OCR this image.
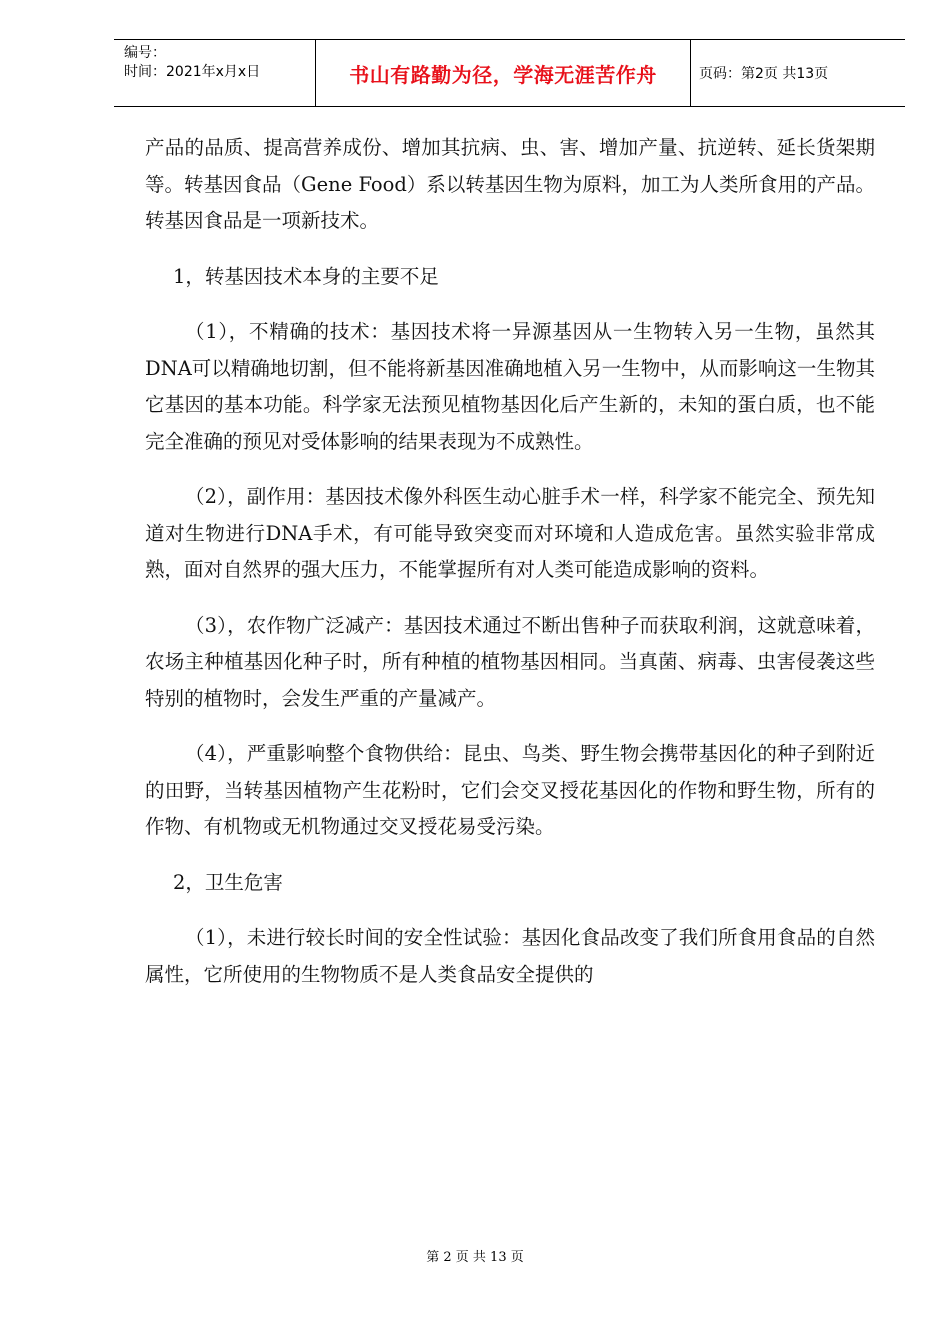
编号：
时间：2021年x月x日	书山有路勤为径，学海无涯苦作舟	页码：第2页 共13页

产品的品质、提高营养成份、增加其抗病、虫、害、增加产量、抗逆转、延长货架期等。转基因食品（Gene Food）系以转基因生物为原料，加工为人类所食用的产品。转基因食品是一项新技术。

1，转基因技术本身的主要不足

（1），不精确的技术：基因技术将一异源基因从一生物转入另一生物，虽然其DNA可以精确地切割，但不能将新基因准确地植入另一生物中，从而影响这一生物其它基因的基本功能。科学家无法预见植物基因化后产生新的，未知的蛋白质，也不能完全准确的预见对受体影响的结果表现为不成熟性。

（2），副作用：基因技术像外科医生动心脏手术一样，科学家不能完全、预先知道对生物进行DNA手术，有可能导致突变而对环境和人造成危害。虽然实验非常成熟，面对自然界的强大压力，不能掌握所有对人类可能造成影响的资料。

（3），农作物广泛减产：基因技术通过不断出售种子而获取利润，这就意味着，农场主种植基因化种子时，所有种植的植物基因相同。当真菌、病毒、虫害侵袭这些特别的植物时，会发生严重的产量减产。

（4），严重影响整个食物供给：昆虫、鸟类、野生物会携带基因化的种子到附近的田野，当转基因植物产生花粉时，它们会交叉授花基因化的作物和野生物，所有的作物、有机物或无机物通过交叉授花易受污染。

2，卫生危害

（1），未进行较长时间的安全性试验：基因化食品改变了我们所食用食品的自然属性，它所使用的生物物质不是人类食品安全提供的

第 2 页 共 13 页
